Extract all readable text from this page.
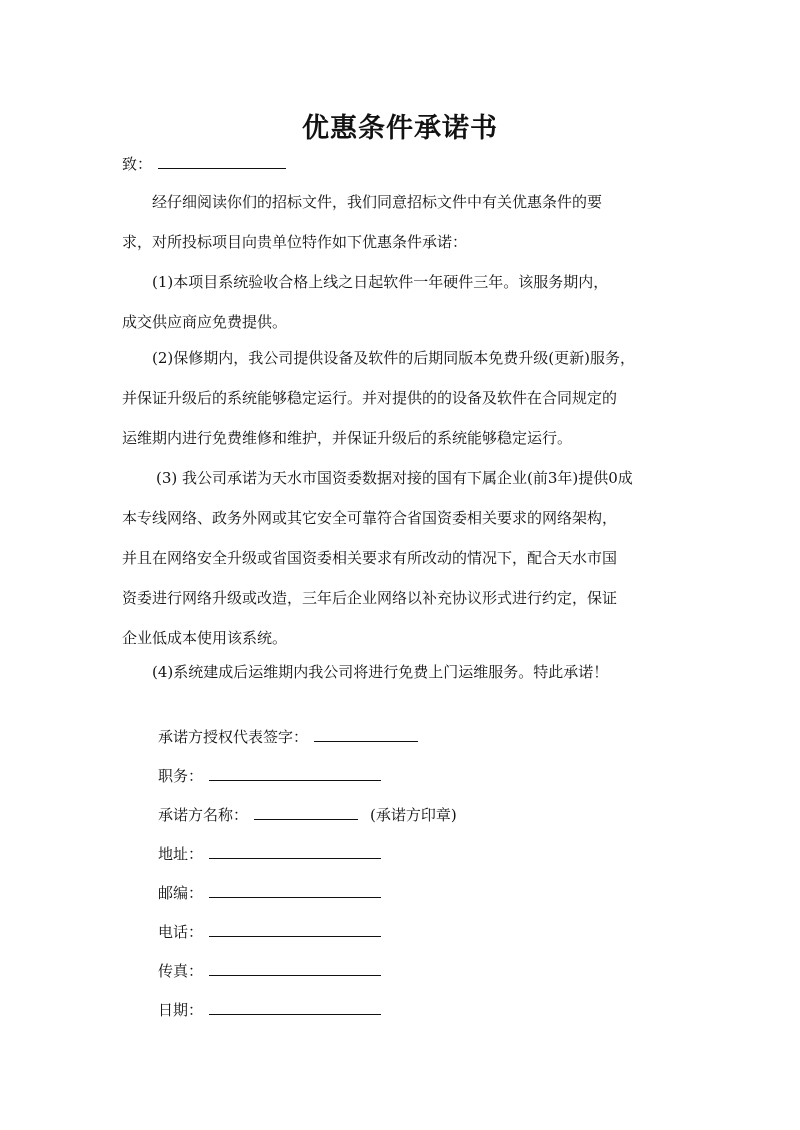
优惠条件承诺书
致：
经仔细阅读你们的招标文件，我们同意招标文件中有关优惠条件的要
求，对所投标项目向贵单位特作如下优惠条件承诺：
(1)本项目系统验收合格上线之日起软件一年硬件三年。该服务期内，
成交供应商应免费提供。
(2)保修期内，我公司提供设备及软件的后期同版本免费升级(更新)服务，
并保证升级后的系统能够稳定运行。并对提供的的设备及软件在合同规定的
运维期内进行免费维修和维护，并保证升级后的系统能够稳定运行。
(3) 我公司承诺为天水市国资委数据对接的国有下属企业(前3年)提供0成
本专线网络、政务外网或其它安全可靠符合省国资委相关要求的网络架构，
并且在网络安全升级或省国资委相关要求有所改动的情况下，配合天水市国
资委进行网络升级或改造，三年后企业网络以补充协议形式进行约定，保证
企业低成本使用该系统。
(4)系统建成后运维期内我公司将进行免费上门运维服务。特此承诺！
承诺方授权代表签字：
职务：
承诺方名称：	(承诺方印章)
地址：
邮编：
电话：
传真：
日期：
